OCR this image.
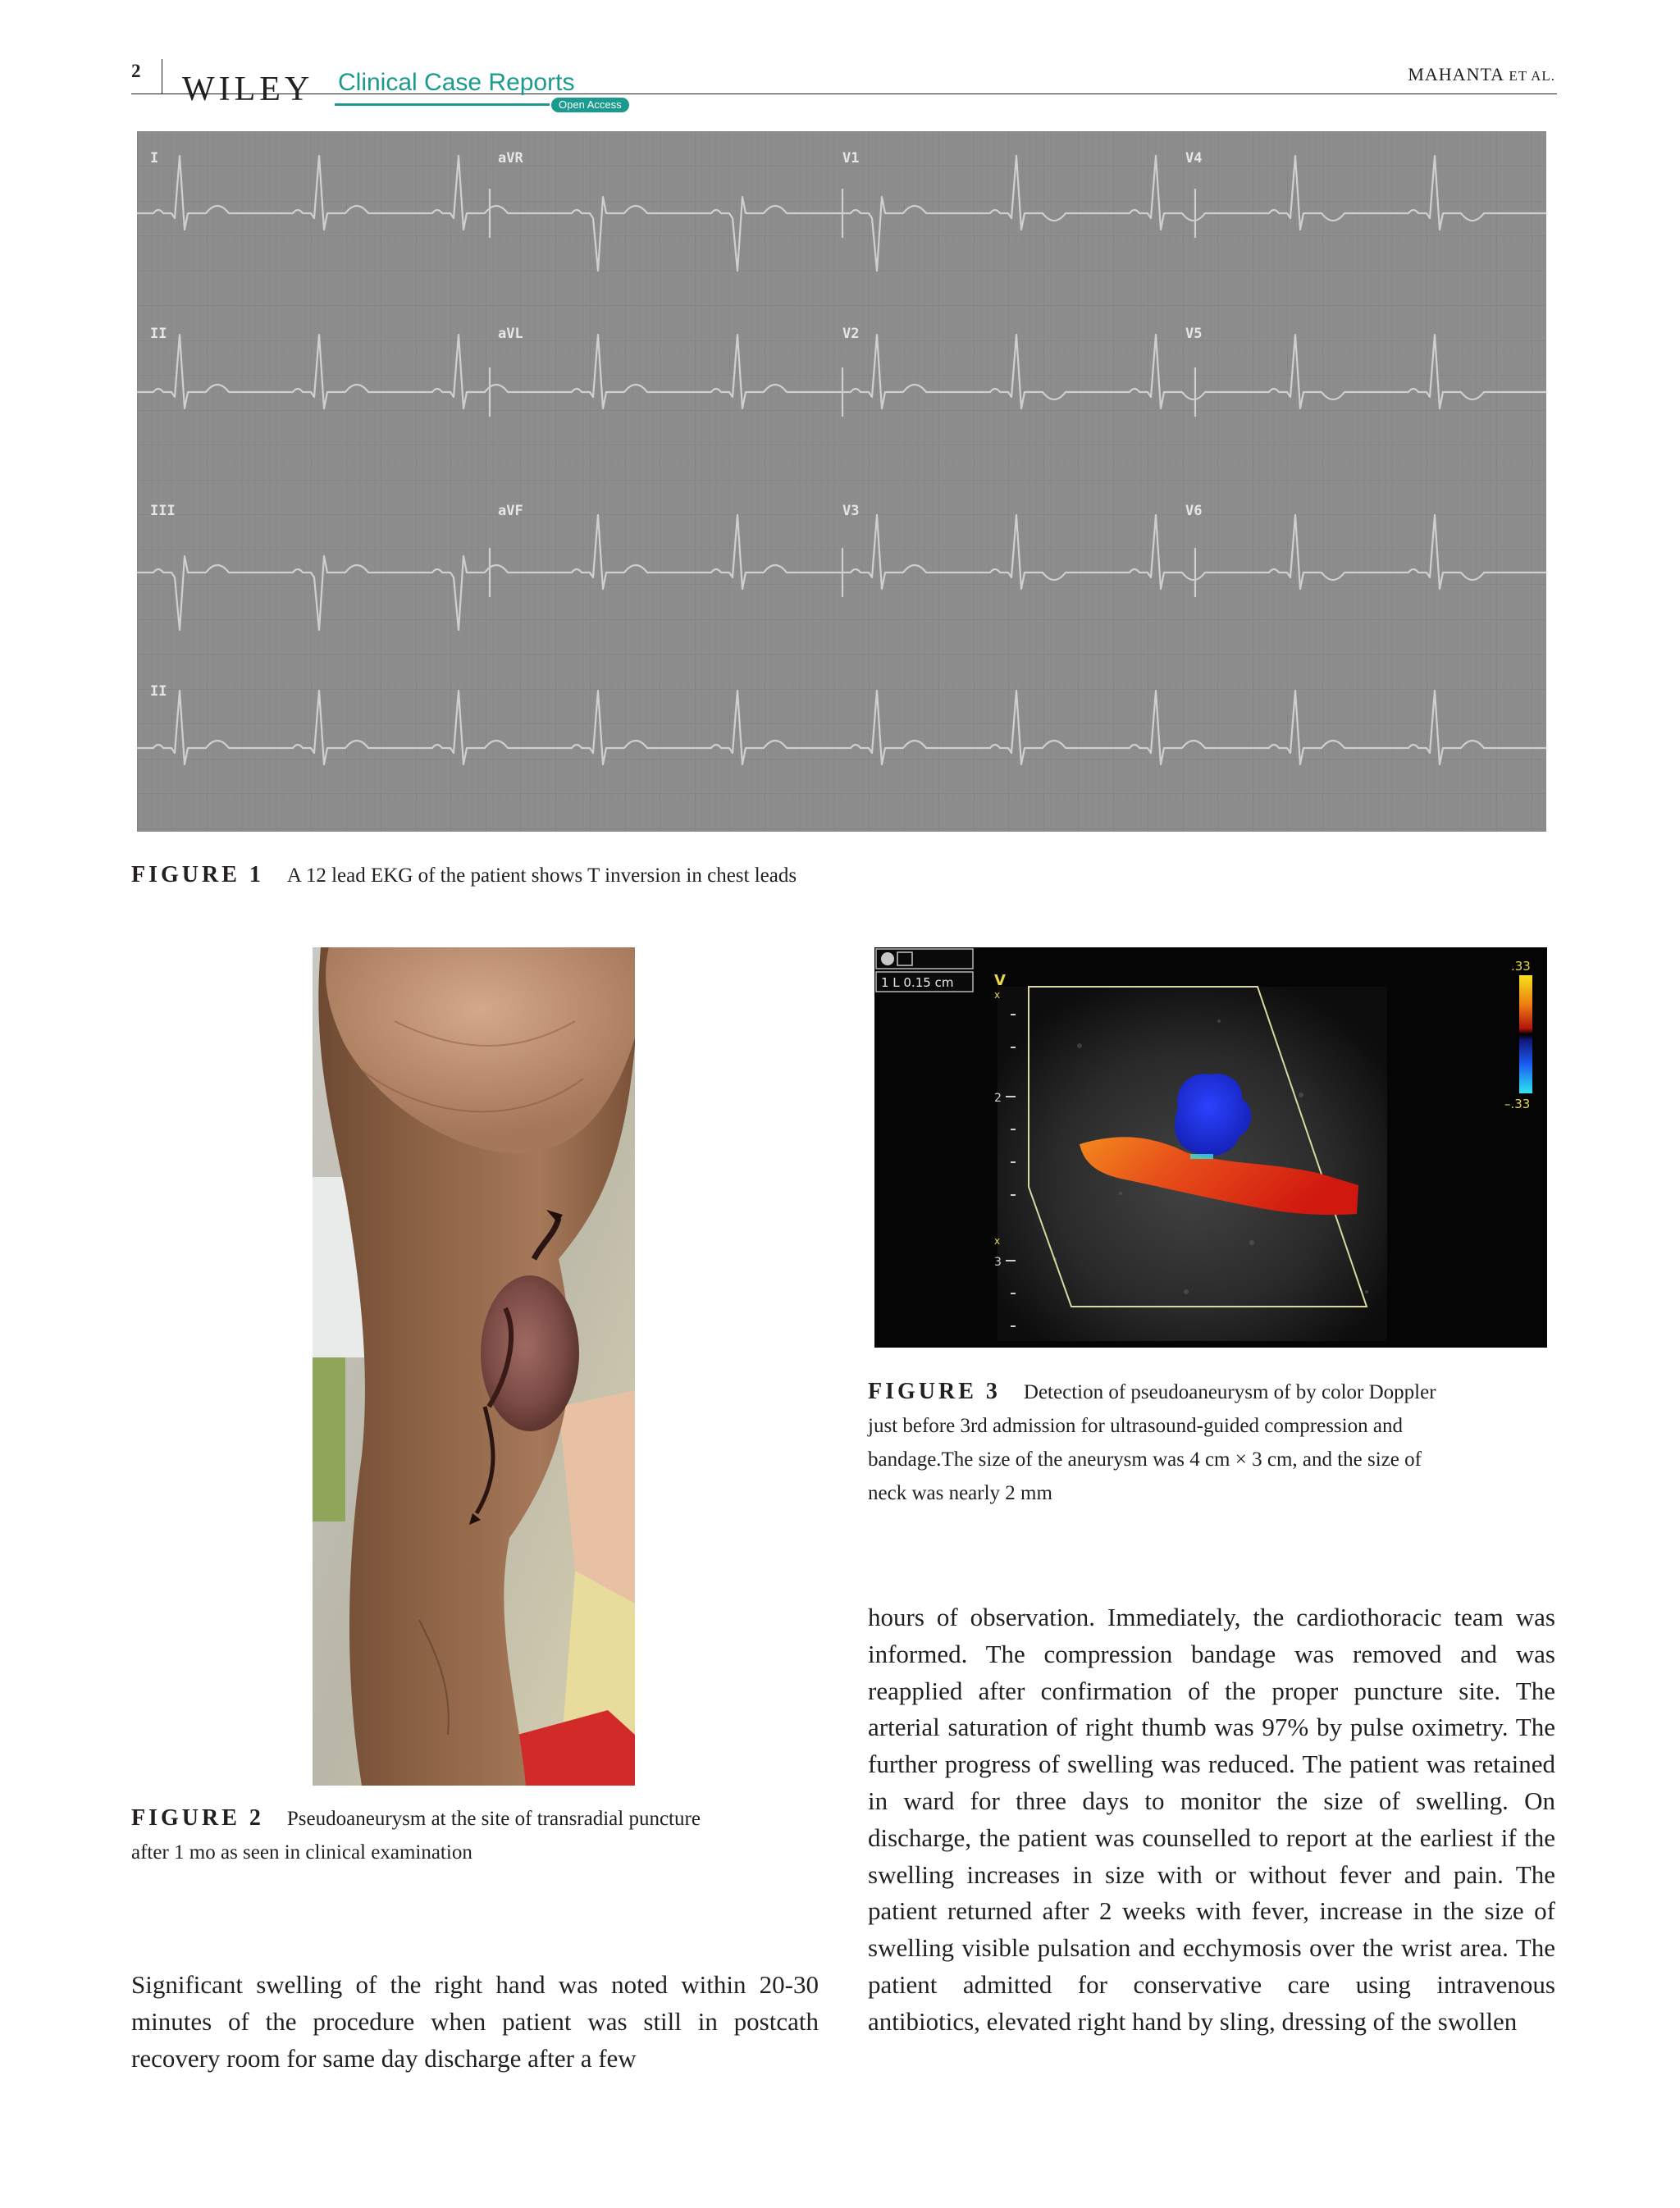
2 WILEY Clinical Case Reports
Open Access
MAHANTA ET AL.
I	aVR	V1	V4
II	aVL	V2	V5
III	aVF	V3	V6
II
FIGURE 1 A 12 lead EKG of the patient shows T inversion in chest leads
FIGURE 2 Pseudoaneurysm at the site of transradial puncture
after 1 mo as seen in clinical examination
1 L 0.15 cm	V
x
x
2
3
.33
–.33
FIGURE 3 Detection of pseudoaneurysm of by color Doppler
just before 3rd admission for ultrasound-guided compression and
bandage.The size of the aneurysm was 4 cm × 3 cm, and the size of
neck was nearly 2 mm

Significant swelling of the right hand was noted within 20-30 minutes of the procedure when patient was still in postcath recovery room for same day discharge after a few

hours of observation. Immediately, the cardiothoracic team was informed. The compression bandage was removed and was reapplied after confirmation of the proper puncture site. The arterial saturation of right thumb was 97% by pulse oximetry. The further progress of swelling was reduced. The patient was retained in ward for three days to monitor the size of swelling. On discharge, the patient was counselled to report at the earliest if the swelling increases in size with or without fever and pain. The patient returned after 2 weeks with fever, increase in the size of swelling visible pulsation and ecchymosis over the wrist area. The patient admitted for conservative care using intravenous antibiotics, elevated right hand by sling, dressing of the swollen
